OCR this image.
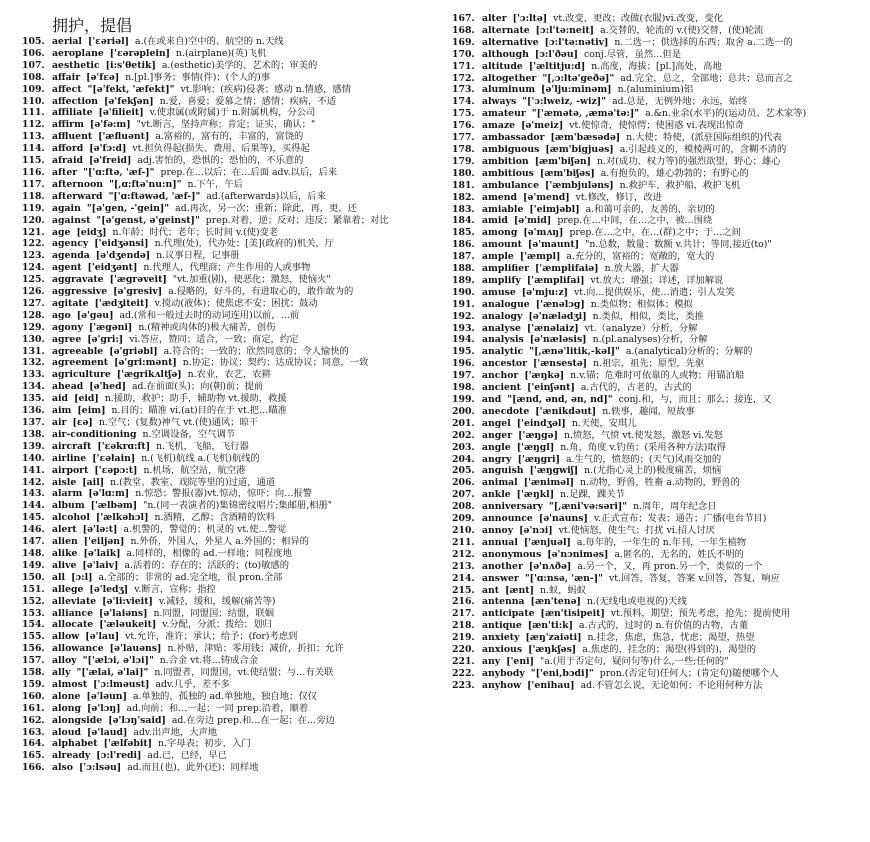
拥护，提倡
105. aerial ['ɛəriəl] a.(在或来自)空中的、航空的 n.天线
106. aeroplane ['ɛərəplein] n.(airplane)(英)飞机
107. aesthetic [i:s'θetik] a.(esthetic)美学的、艺术的；审美的
108. affair [ə'fɛə] n.[pl.]事务；事情(件)；(个人的)事
109. affect "[ə'fekt, 'æfekt]" vt.影响；(疾病)侵袭；感动 n.情感，感情
110. affection [ə'fekʃən] n.爱，喜爱；爱慕之情；感情；疾病，不适
111. affiliate [ə'filieit] v.使隶属(或附属)于 n.附属机构，分公司
112. affirm [ə'fə:m] "vt.断言，坚持声称；肯定；证实，确认；"
113. affluent ['æfluənt] a.富裕的，富有的，丰富的，富饶的
114. afford [ə'fɔ:d] vt.担负得起(损失、费用、后果等)，买得起
115. afraid [ə'freid] adj.害怕的，恐惧的；恐怕的，不乐意的
116. after "['ɑ:ftə, 'æf-]" prep.在…以后；在…后面 adv.以后，后来
117. afternoon "[,ɑ:ftə'nu:n]" n.下午，午后
118. afterward "['ɑ:ftəwəd, 'æf-]" ad.(afterwards)以后，后来
119. again "[ə'gen, -'gein]" ad.再次，另一次；重新；除此，再，更，还
120. against "[ə'genst, ə'geinst]" prep.对着，逆；反对；违反；紧靠着；对比
121. age [eidʒ] n.年龄；时代；老年；长时间 v.(使)变老
122. agency ['eidʒənsi] n.代理(处)，代办处；[美](政府的)机关，厅
123. agenda [ə'dʒendə] n.议事日程，记事册
124. agent ['eidʒənt] n.代理人，代理商；产生作用的人或事物
125. aggravate ['ægrəveit] "vt.加重(剧)，使恶化；激怒，使恼火"
126. aggressive [ə'gresiv] a.侵略的，好斗的，有进取心的，敢作敢为的
127. agitate ['ædʒiteit] v.搅动(液体)；使焦虑不安；困扰；鼓动
128. ago [ə'gəu] ad.(常和一般过去时的动词连用)以前，…前
129. agony ['ægəni] n.(精神或肉体的)极大痛苦，创伤
130. agree [ə'gri:] vi.答应，赞同；适合，一致；商定，约定
131. agreeable [ə'griəbl] a.符合的；一致的；欣然同意的；令人愉快的
132. agreement [ə'gri:mənt] n.协定；协议；契约；达成协议；同意，一致
133. agriculture ['ægrikʌltʃə] n.农业，农艺，农耕
134. ahead [ə'hed] ad.在前面(头)；向(朝)前；提前
135. aid [eid] n.援助，救护；助手，辅助物 vt.援助，救援
136. aim [eim] n.目的；瞄准 vi.(at)目的在于 vt.把…瞄准
137. air [ɛə] n.空气；(复数)神气 vt.(使)通风；晾干
138. air-conditioning n.空调设备，空气调节
139. aircraft ['ɛəkrɑ:ft] n.飞机，飞船，飞行器
140. airline ['ɛəlain] n.(飞机)航线 a.(飞机)航线的
141. airport ['ɛəpɔ:t] n.机场，航空站，航空港
142. aisle [ail] n.(教堂、教室、戏院等里的)过道，通道
143. alarm [ə'lɑ:m] n.惊恐；警报(器)vt.惊动，惊吓；向…报警
144. album ['ælbəm] "n.(同一表演者的)集锦密纹唱片;集邮册,相册"
145. alcohol ['ælkəhɔl] n.酒精，乙醇；含酒精的饮料
146. alert [ə'lə:t] a.机警的，警觉的；机灵的 vt.使…警觉
147. alien ['eiljən] n.外侨，外国人，外星人 a.外国的；相异的
148. alike [ə'laik] a.同样的，相像的 ad.一样地；同程度地
149. alive [ə'laiv] a.活着的；存在的；活跃的；(to)敏感的
150. all [ɔ:l] a.全部的；非常的 ad.完全地，很 pron.全部
151. allege [ə'ledʒ] v.断言，宣称；指控
152. alleviate [ə'li:vieit] v.减轻，缓和，缓解(痛苦等)
153. alliance [ə'laiəns] n.同盟，同盟国；结盟，联姻
154. allocate ['æləukeit] v.分配，分派；拨给；划归
155. allow [ə'lau] vt.允许，准许；承认；给予；(for)考虑到
156. allowance [ə'lauəns] n.补贴，津贴；零用钱；减价，折扣；允许
157. alloy "['ælɔi, ə'lɔi]" n.合金 vt.将…铸成合金
158. ally "['ælai, ə'lai]" n.同盟者，同盟国，vt.使结盟；与…有关联
159. almost ['ɔ:lməust] adv.几乎，差不多
160. alone [ə'ləun] a.单独的，孤独的 ad.单独地，独自地；仅仅
161. along [ə'lɔŋ] ad.向前；和…一起；一同 prep.沿着，顺着
162. alongside [ə'lɔŋ'said] ad.在旁边 prep.和…在一起；在…旁边
163. aloud [ə'laud] adv.出声地，大声地
164. alphabet ['ælfəbit] n.字母表；初步，入门
165. already [ɔ:l'redi] ad.已，已经，早已
166. also ['ɔ:lsəu] ad.而且(也)，此外(还)；同样地
167. alter ['ɔ:ltə] vt.改变，更改；改做(衣服)vi.改变，变化
168. alternate [ɔ:l'tə:neit] a.交替的，轮流的 v.(使)交替，(使)轮流
169. alternative [ɔ:l'tə:nətiv] n.二选一；供选择的东西；取舍 a.二选一的
170. although [ɔ:l'ðəu] conj.尽管，虽然…但是
171. altitude ['æltitju:d] n.高度，海拔；[pl.]高处，高地
172. altogether "[,ɔ:ltə'geðə]" ad.完全，总之，全部地；总共；总而言之
173. aluminum [ə'lju:minəm] n.(aluminium)铝
174. always "['ɔ:lweiz, -wiz]" ad.总是，无例外地；永远，始终
175. amateur "['æmətə, ,æmə'tə:]" a.&n.业余(水平)的(运动员、艺术家等)
176. amaze [ə'meiz] vt.使惊奇，使惊愕；使困惑 vi.表现出惊奇
177. ambassador [æm'bæsədə] n.大使；特使，(派驻国际组织的)代表
178. ambiguous [æm'bigjuəs] a.引起歧义的，模棱两可的，含糊不清的
179. ambition [æm'biʃən] n.对(成功、权力等)的强烈欲望，野心；雄心
180. ambitious [æm'biʃəs] a.有抱负的，雄心勃勃的；有野心的
181. ambulance ['æmbjuləns] n.救护车，救护船，救护飞机
182. amend [ə'mend] vt.修改，修订，改进
183. amiable ['eimjəbl] a.和蔼可亲的，友善的，亲切的
184. amid [ə'mid] prep.在…中间，在…之中，被…围绕
185. among [ə'mʌŋ] prep.在…之中，在…(群)之中；于…之间
186. amount [ə'maunt] "n.总数，数量；数额 v.共计；等同,接近(to)"
187. ample ['æmpl] a.充分的，富裕的；宽敞的，宽大的
188. amplifier ['æmplifaiə] n.放大器，扩大器
189. amplify ['æmplifai] vt.放大；增强；详述，详加解说
190. amuse [ə'mju:z] vt.向…提供娱乐，使…消遣；引人发笑
191. analogue ['ænəlɔg] n.类似物；相似体；模拟
192. analogy [ə'nælədʒi] n.类似，相似，类比，类推
193. analyse ['ænəlaiz] vt.（analyze）分析，分解
194. analysis [ə'næləsis] n.(pl.analyses)分析，分解
195. analytic "[,ænə'litik,-kəl]" a.(analytical)分析的；分解的
196. ancestor ['ænsestə] n.祖宗，祖先；原型，先驱
197. anchor ['æŋkə] n.v.锚；危难时可依靠的人或物；用锚泊船
198. ancient ['einʃənt] a.古代的，古老的，古式的
199. and "[ænd, ənd, ən, nd]" conj.和，与，而且；那么；接连，又
200. anecdote ['ænikdəut] n.轶事，趣闻，短故事
201. angel ['eindʒəl] n.天使，安琪儿
202. anger ['æŋgə] n.愤怒，气愤 vt.使发怒，激怒 vi.发怒
203. angle ['æŋgl] n.角，角度 v.钓鱼；(采用各种方法)取得
204. angry ['æŋgri] a.生气的，愤怒的；(天气)风雨交加的
205. anguish ['æŋgwiʃ] n.(尤指心灵上的)极度痛苦，烦恼
206. animal ['æniməl] n.动物，野兽，牲畜 a.动物的，野兽的
207. ankle ['æŋkl] n.足踝，踝关节
208. anniversary "[,æni'və:səri]" n.周年，周年纪念日
209. announce [ə'nauns] v.正式宣布；发表；通告；广播(电台节目)
210. annoy [ə'nɔi] vt.使恼怒，使生气；打扰 vi.招人讨厌
211. annual ['ænjuəl] a.每年的，一年生的 n.年刊，一年生植物
212. anonymous [ə'nɔniməs] a.匿名的，无名的，姓氏不明的
213. another [ə'nʌðə] a.另一个，又，再 pron.另一个，类似的一个
214. answer "['ɑ:nsə, 'æn-]" vt.回答，答复，答案 v.回答，答复，响应
215. ant [ænt] n.蚁，蚂蚁
216. antenna [æn'tenə] n.(无线电或电视的)天线
217. anticipate [æn'tisipeit] vt.预料，期望；预先考虑，抢先；提前使用
218. antique [æn'ti:k] a.古式的，过时的 n.有价值的古物，古董
219. anxiety [æŋ'zaiəti] n.挂念，焦虑，焦急，忧虑；渴望，热望
220. anxious ['æŋkʃəs] a.焦虑的，挂念的；渴望(得到的)，渴望的
221. any ['eni] "a.(用于否定句，疑问句等)什么,一些;任何的"
222. anybody "['eni,bɔdi]" pron.(否定句)任何人；(肯定句)随便哪个人
223. anyhow ['enihau] ad.不管怎么说，无论如何；不论用何种方法
